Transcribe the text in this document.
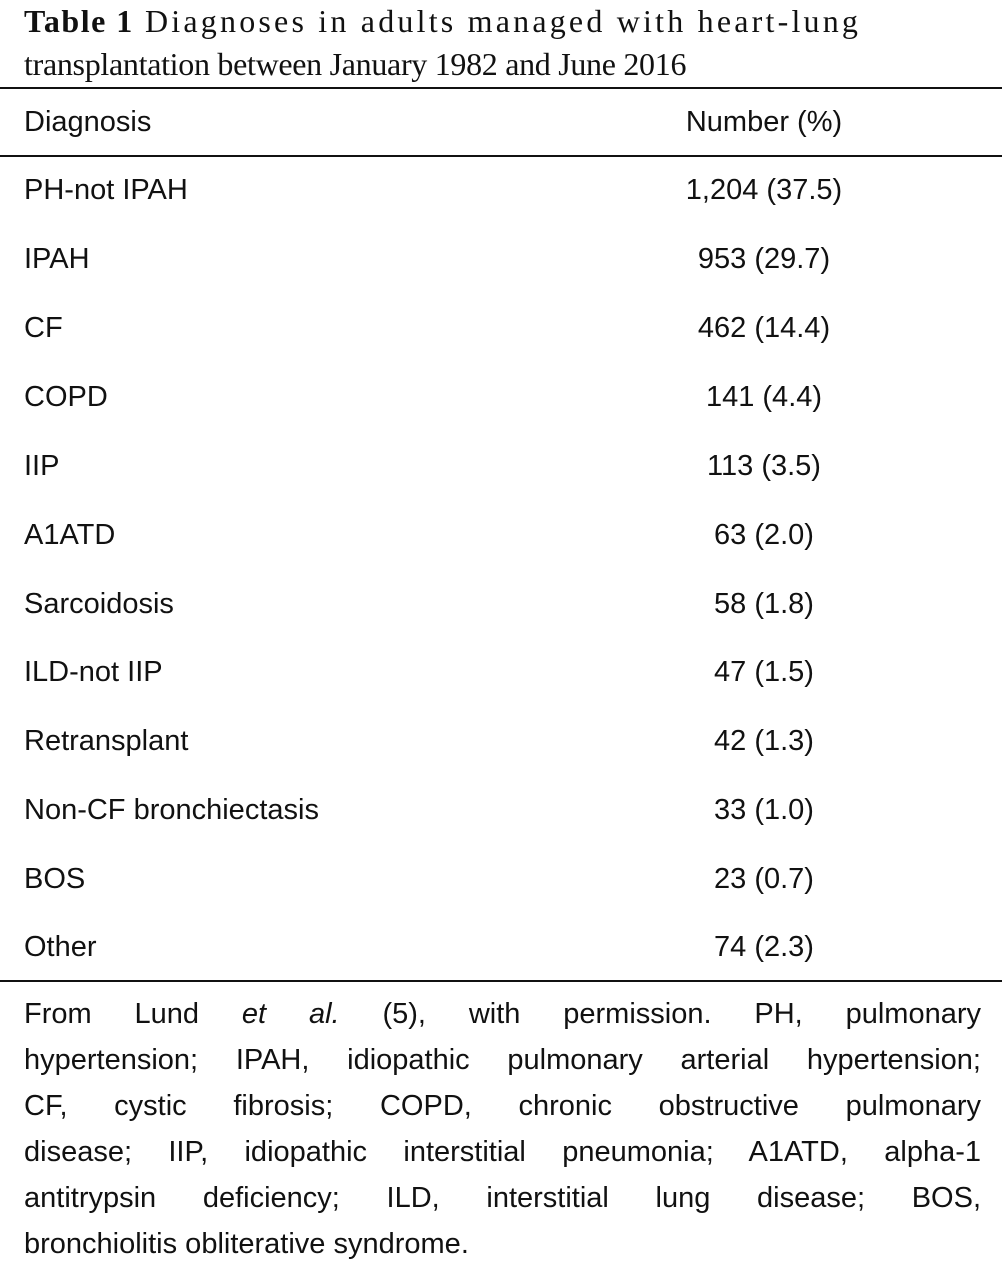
Table 1 Diagnoses in adults managed with heart-lung
transplantation between January 1982 and June 2016
Diagnosis	Number (%)
PH-not IPAH	1,204 (37.5)
IPAH	953 (29.7)
CF	462 (14.4)
COPD	141 (4.4)
IIP	113 (3.5)
A1ATD	63 (2.0)
Sarcoidosis	58 (1.8)
ILD-not IIP	47 (1.5)
Retransplant	42 (1.3)
Non-CF bronchiectasis	33 (1.0)
BOS	23 (0.7)
Other	74 (2.3)
From Lund et al. (5), with permission. PH, pulmonary
hypertension; IPAH, idiopathic pulmonary arterial hypertension;
CF, cystic fibrosis; COPD, chronic obstructive pulmonary
disease; IIP, idiopathic interstitial pneumonia; A1ATD, alpha-1
antitrypsin deficiency; ILD, interstitial lung disease; BOS,
bronchiolitis obliterative syndrome.
